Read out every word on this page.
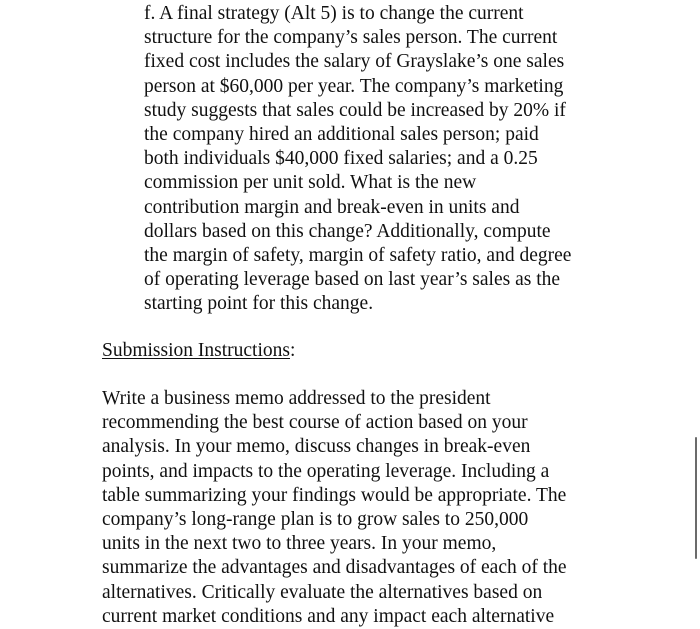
f. A final strategy (Alt 5) is to change the current
structure for the company’s sales person. The current
fixed cost includes the salary of Grayslake’s one sales
person at $60,000 per year. The company’s marketing
study suggests that sales could be increased by 20% if
the company hired an additional sales person; paid
both individuals $40,000 fixed salaries; and a 0.25
commission per unit sold. What is the new
contribution margin and break-even in units and
dollars based on this change? Additionally, compute
the margin of safety, margin of safety ratio, and degree
of operating leverage based on last year’s sales as the
starting point for this change.
Submission Instructions:
Write a business memo addressed to the president
recommending the best course of action based on your
analysis. In your memo, discuss changes in break-even
points, and impacts to the operating leverage. Including a
table summarizing your findings would be appropriate. The
company’s long-range plan is to grow sales to 250,000
units in the next two to three years. In your memo,
summarize the advantages and disadvantages of each of the
alternatives. Critically evaluate the alternatives based on
current market conditions and any impact each alternative
